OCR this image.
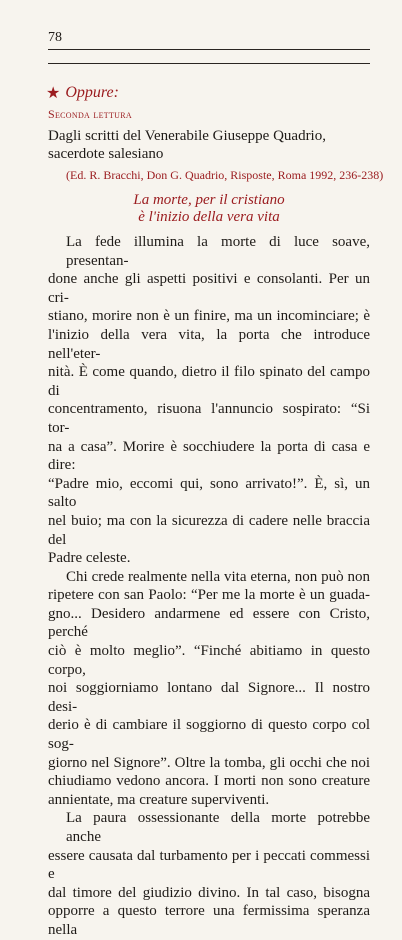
78
★ Oppure:
Seconda lettura
Dagli scritti del Venerabile Giuseppe Quadrio, sacerdote salesiano
(Ed. R. Bracchi, Don G. Quadrio, Risposte, Roma 1992, 236-238)
La morte, per il cristiano
è l'inizio della vera vita

La fede illumina la morte di luce soave, presentan-
done anche gli aspetti positivi e consolanti. Per un cri-
stiano, morire non è un finire, ma un incominciare; è
l'inizio della vera vita, la porta che introduce nell'eter-
nità. È come quando, dietro il filo spinato del campo di
concentramento, risuona l'annuncio sospirato: “Si tor-
na a casa”. Morire è socchiudere la porta di casa e dire:
“Padre mio, eccomi qui, sono arrivato!”. È, sì, un salto
nel buio; ma con la sicurezza di cadere nelle braccia del
Padre celeste.

Chi crede realmente nella vita eterna, non può non
ripetere con san Paolo: “Per me la morte è un guada-
gno... Desidero andarmene ed essere con Cristo, perché
ciò è molto meglio”. “Finché abitiamo in questo corpo,
noi soggiorniamo lontano dal Signore... Il nostro desi-
derio è di cambiare il soggiorno di questo corpo col sog-
giorno nel Signore”. Oltre la tomba, gli occhi che noi
chiudiamo vedono ancora. I morti non sono creature
annientate, ma creature superviventi.

La paura ossessionante della morte potrebbe anche
essere causata dal turbamento per i peccati commessi e
dal timore del giudizio divino. In tal caso, bisogna
opporre a questo terrore una fermissima speranza nella
